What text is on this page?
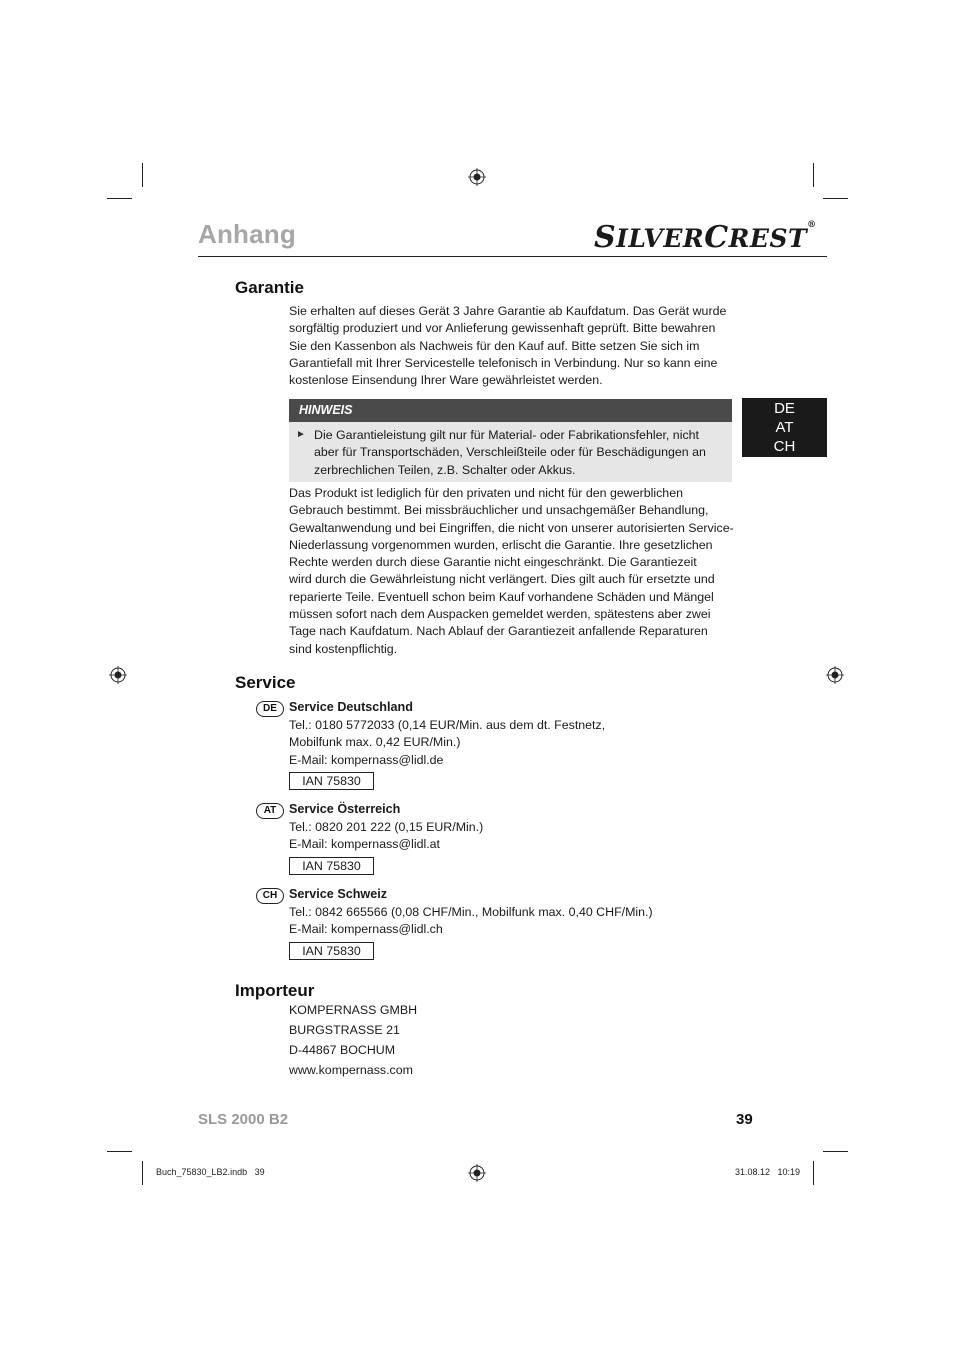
Anhang	SILVERCREST®
Garantie
Sie erhalten auf dieses Gerät 3 Jahre Garantie ab Kaufdatum. Das Gerät wurde
sorgfältig produziert und vor Anlieferung gewissenhaft geprüft. Bitte bewahren
Sie den Kassenbon als Nachweis für den Kauf auf. Bitte setzen Sie sich im
Garantiefall mit Ihrer Servicestelle telefonisch in Verbindung. Nur so kann eine
kostenlose Einsendung Ihrer Ware gewährleistet werden.
HINWEIS
► Die Garantieleistung gilt nur für Material- oder Fabrikationsfehler, nicht
aber für Transportschäden, Verschleißteile oder für Beschädigungen an
zerbrechlichen Teilen, z.B. Schalter oder Akkus.
DE
AT
CH
Das Produkt ist lediglich für den privaten und nicht für den gewerblichen
Gebrauch bestimmt. Bei missbräuchlicher und unsachgemäßer Behandlung,
Gewaltanwendung und bei Eingriffen, die nicht von unserer autorisierten Service-
Niederlassung vorgenommen wurden, erlischt die Garantie. Ihre gesetzlichen
Rechte werden durch diese Garantie nicht eingeschränkt. Die Garantiezeit
wird durch die Gewährleistung nicht verlängert. Dies gilt auch für ersetzte und
reparierte Teile. Eventuell schon beim Kauf vorhandene Schäden und Mängel
müssen sofort nach dem Auspacken gemeldet werden, spätestens aber zwei
Tage nach Kaufdatum. Nach Ablauf der Garantiezeit anfallende Reparaturen
sind kostenpflichtig.
Service
DE Service Deutschland
Tel.: 0180 5772033 (0,14 EUR/Min. aus dem dt. Festnetz,
Mobilfunk max. 0,42 EUR/Min.)
E-Mail: kompernass@lidl.de
IAN 75830
AT	Service Österreich
Tel.: 0820 201 222 (0,15 EUR/Min.)
E-Mail: kompernass@lidl.at
IAN 75830
CH Service Schweiz
Tel.: 0842 665566 (0,08 CHF/Min., Mobilfunk max. 0,40 CHF/Min.)
E-Mail: kompernass@lidl.ch
IAN 75830
Importeur
KOMPERNASS GMBH
BURGSTRASSE 21
D-44867 BOCHUM
www.kompernass.com
SLS 2000 B2	39
Buch_75830_LB2.indb   39	31.08.12   10:19
